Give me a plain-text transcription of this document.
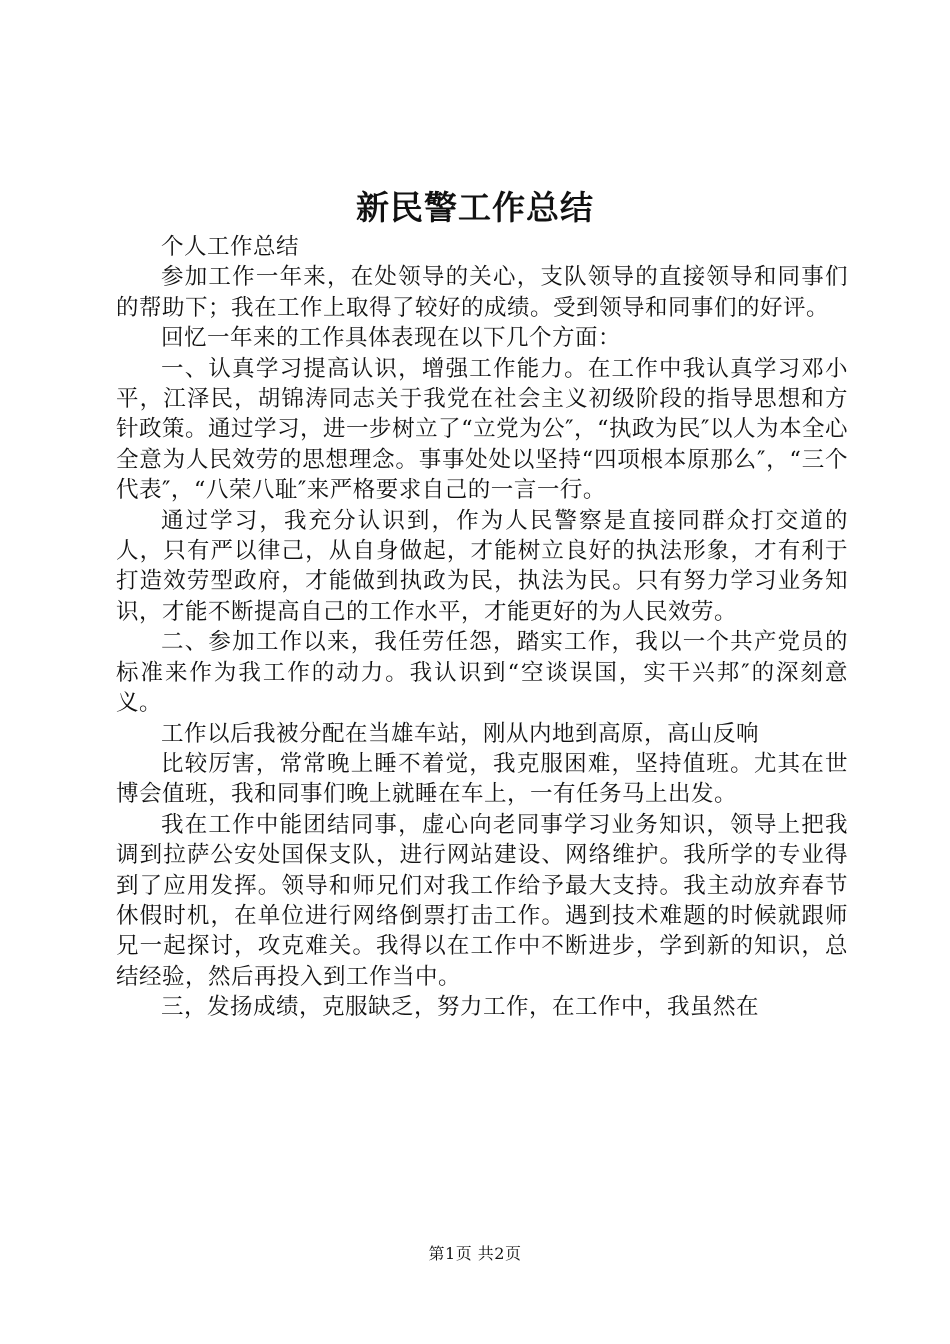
新民警工作总结

个人工作总结

参加工作一年来，在处领导的关心，支队领导的直接领导和同事们的帮助下；我在工作上取得了较好的成绩。受到领导和同事们的好评。

回忆一年来的工作具体表现在以下几个方面：

一、认真学习提高认识，增强工作能力。在工作中我认真学习邓小平，江泽民，胡锦涛同志关于我党在社会主义初级阶段的指导思想和方针政策。通过学习，进一步树立了“立党为公″，“执政为民″以人为本全心全意为人民效劳的思想理念。事事处处以坚持“四项根本原那么″，“三个代表″，“八荣八耻″来严格要求自己的一言一行。

通过学习，我充分认识到，作为人民警察是直接同群众打交道的人，只有严以律己，从自身做起，才能树立良好的执法形象，才有利于打造效劳型政府，才能做到执政为民，执法为民。只有努力学习业务知识，才能不断提高自己的工作水平，才能更好的为人民效劳。

二、参加工作以来，我任劳任怨，踏实工作，我以一个共产党员的标准来作为我工作的动力。我认识到“空谈误国，实干兴邦″的深刻意义。

工作以后我被分配在当雄车站，刚从内地到高原，高山反响

比较厉害，常常晚上睡不着觉，我克服困难，坚持值班。尤其在世博会值班，我和同事们晚上就睡在车上，一有任务马上出发。

我在工作中能团结同事，虚心向老同事学习业务知识，领导上把我调到拉萨公安处国保支队，进行网站建设、网络维护。我所学的专业得到了应用发挥。领导和师兄们对我工作给予最大支持。我主动放弃春节休假时机，在单位进行网络倒票打击工作。遇到技术难题的时候就跟师兄一起探讨，攻克难关。我得以在工作中不断进步，学到新的知识，总结经验，然后再投入到工作当中。

三，发扬成绩，克服缺乏，努力工作，在工作中，我虽然在

第1页 共2页
